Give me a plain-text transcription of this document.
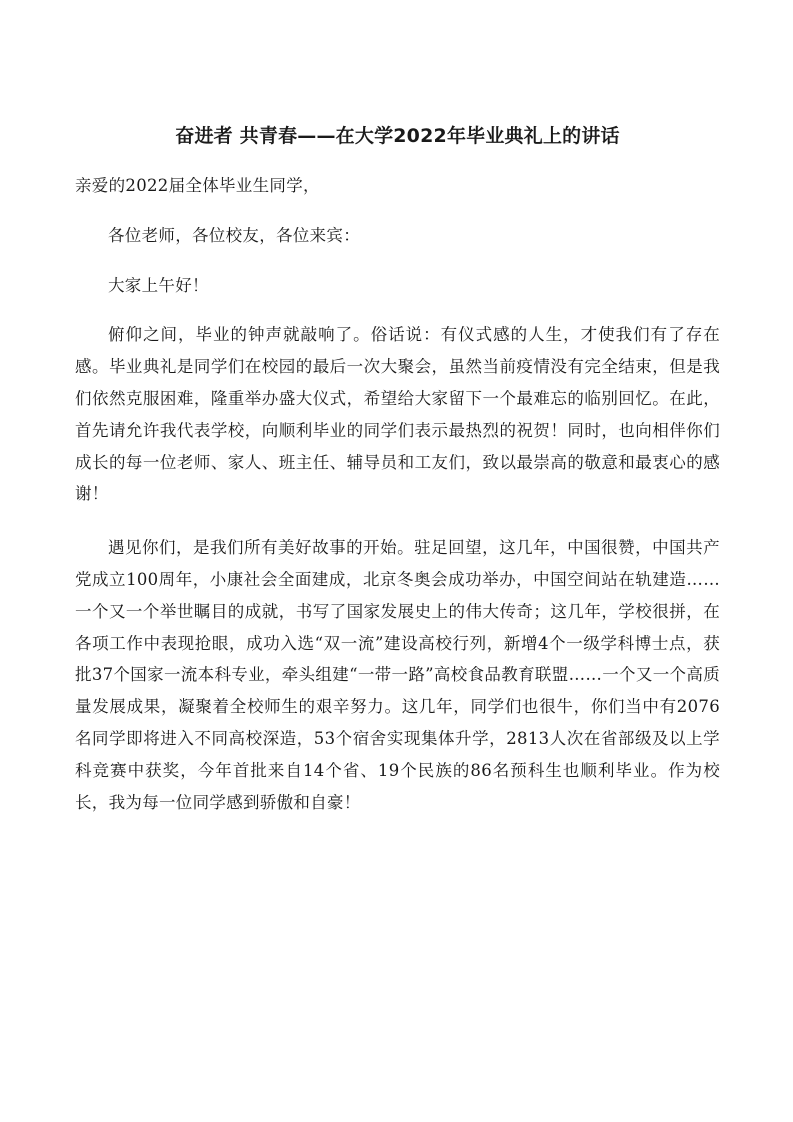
奋进者 共青春——在大学2022年毕业典礼上的讲话

亲爱的2022届全体毕业生同学，

各位老师，各位校友，各位来宾：

大家上午好！

俯仰之间，毕业的钟声就敲响了。俗话说：有仪式感的人生，才使我们有了存在感。毕业典礼是同学们在校园的最后一次大聚会，虽然当前疫情没有完全结束，但是我们依然克服困难，隆重举办盛大仪式，希望给大家留下一个最难忘的临别回忆。在此，首先请允许我代表学校，向顺利毕业的同学们表示最热烈的祝贺！同时，也向相伴你们成长的每一位老师、家人、班主任、辅导员和工友们，致以最崇高的敬意和最衷心的感谢！

遇见你们，是我们所有美好故事的开始。驻足回望，这几年，中国很赞，中国共产党成立100周年，小康社会全面建成，北京冬奥会成功举办，中国空间站在轨建造……一个又一个举世瞩目的成就，书写了国家发展史上的伟大传奇；这几年，学校很拼，在各项工作中表现抢眼，成功入选“双一流”建设高校行列，新增4个一级学科博士点，获批37个国家一流本科专业，牵头组建“一带一路”高校食品教育联盟……一个又一个高质量发展成果，凝聚着全校师生的艰辛努力。这几年，同学们也很牛，你们当中有2076名同学即将进入不同高校深造，53个宿舍实现集体升学，2813人次在省部级及以上学科竞赛中获奖，今年首批来自14个省、19个民族的86名预科生也顺利毕业。作为校长，我为每一位同学感到骄傲和自豪！
